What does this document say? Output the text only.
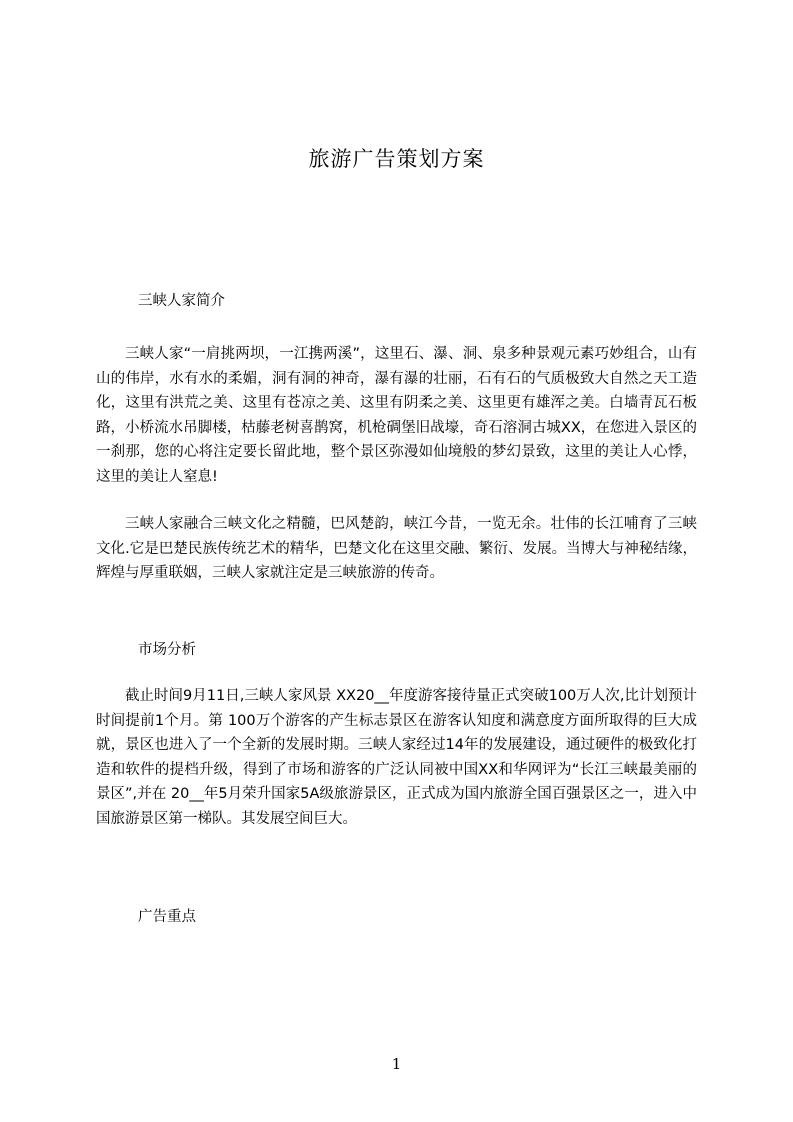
旅游广告策划方案
三峡人家简介

三峡人家“一肩挑两坝，一江携两溪”，这里石、瀑、洞、泉多种景观元素巧妙组合，山有山的伟岸，水有水的柔媚，洞有洞的神奇，瀑有瀑的壮丽，石有石的气质极致大自然之天工造化，这里有洪荒之美、这里有苍凉之美、这里有阴柔之美、这里更有雄浑之美。白墙青瓦石板路，小桥流水吊脚楼，枯藤老树喜鹊窝，机枪碉堡旧战壕，奇石溶洞古城XX，在您进入景区的一刹那，您的心将注定要长留此地，整个景区弥漫如仙境般的梦幻景致，这里的美让人心悸，这里的美让人窒息!

三峡人家融合三峡文化之精髓，巴风楚韵，峡江今昔，一览无余。壮伟的长江哺育了三峡文化.它是巴楚民族传统艺术的精华，巴楚文化在这里交融、繁衍、发展。当博大与神秘结缘，辉煌与厚重联姻，三峡人家就注定是三峡旅游的传奇。

市场分析

截止时间9月11日,三峡人家风景 XX20__年度游客接待量正式突破100万人次,比计划预计时间提前1个月。第 100万个游客的产生标志景区在游客认知度和满意度方面所取得的巨大成就，景区也进入了一个全新的发展时期。三峡人家经过14年的发展建设，通过硬件的极致化打造和软件的提档升级，得到了市场和游客的广泛认同被中国XX和华网评为“长江三峡最美丽的景区”,并在 20__年5月荣升国家5A级旅游景区，正式成为国内旅游全国百强景区之一，进入中国旅游景区第一梯队。其发展空间巨大。

广告重点
1
